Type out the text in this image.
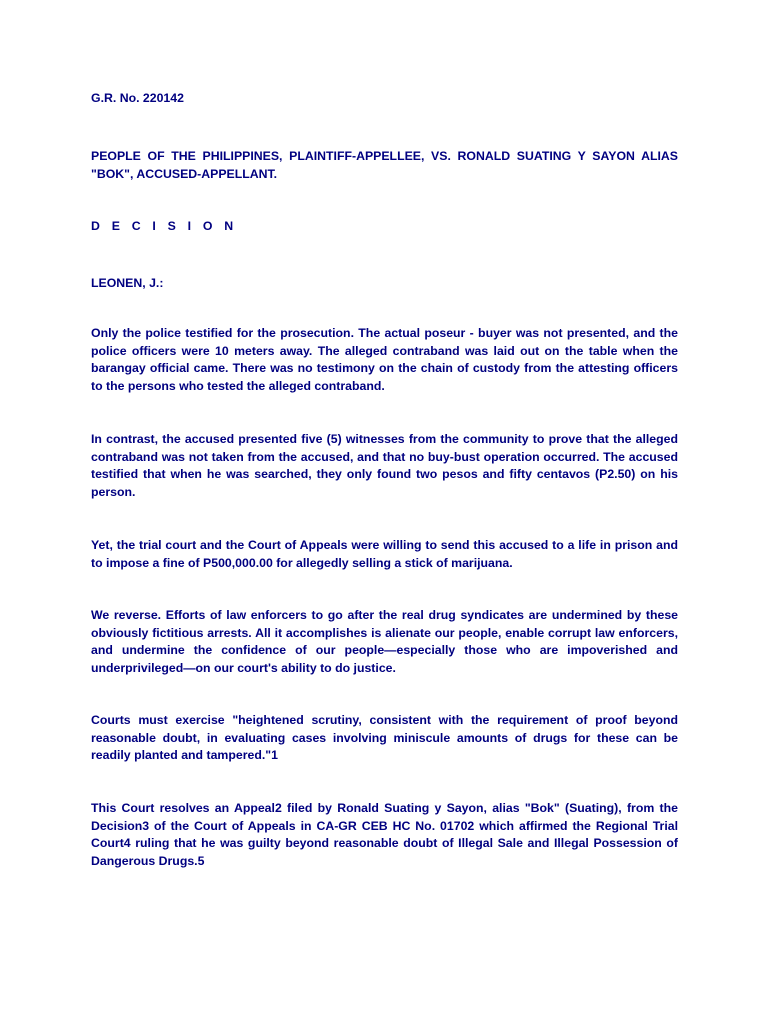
G.R. No. 220142

PEOPLE OF THE PHILIPPINES, PLAINTIFF-APPELLEE, VS. RONALD SUATING Y SAYON ALIAS "BOK", ACCUSED-APPELLANT.

D E C I S I O N

LEONEN, J.:

Only the police testified for the prosecution. The actual poseur - buyer was not presented, and the police officers were 10 meters away. The alleged contraband was laid out on the table when the barangay official came. There was no testimony on the chain of custody from the attesting officers to the persons who tested the alleged contraband.

In contrast, the accused presented five (5) witnesses from the community to prove that the alleged contraband was not taken from the accused, and that no buy-bust operation occurred. The accused testified that when he was searched, they only found two pesos and fifty centavos (P2.50) on his person.

Yet, the trial court and the Court of Appeals were willing to send this accused to a life in prison and to impose a fine of P500,000.00 for allegedly selling a stick of marijuana.

We reverse. Efforts of law enforcers to go after the real drug syndicates are undermined by these obviously fictitious arrests. All it accomplishes is alienate our people, enable corrupt law enforcers, and undermine the confidence of our people—especially those who are impoverished and underprivileged—on our court's ability to do justice.

Courts must exercise "heightened scrutiny, consistent with the requirement of proof beyond reasonable doubt, in evaluating cases involving miniscule amounts of drugs for these can be readily planted and tampered."1

This Court resolves an Appeal2 filed by Ronald Suating y Sayon, alias "Bok" (Suating), from the Decision3 of the Court of Appeals in CA-GR CEB HC No. 01702 which affirmed the Regional Trial Court4 ruling that he was guilty beyond reasonable doubt of Illegal Sale and Illegal Possession of Dangerous Drugs.5
